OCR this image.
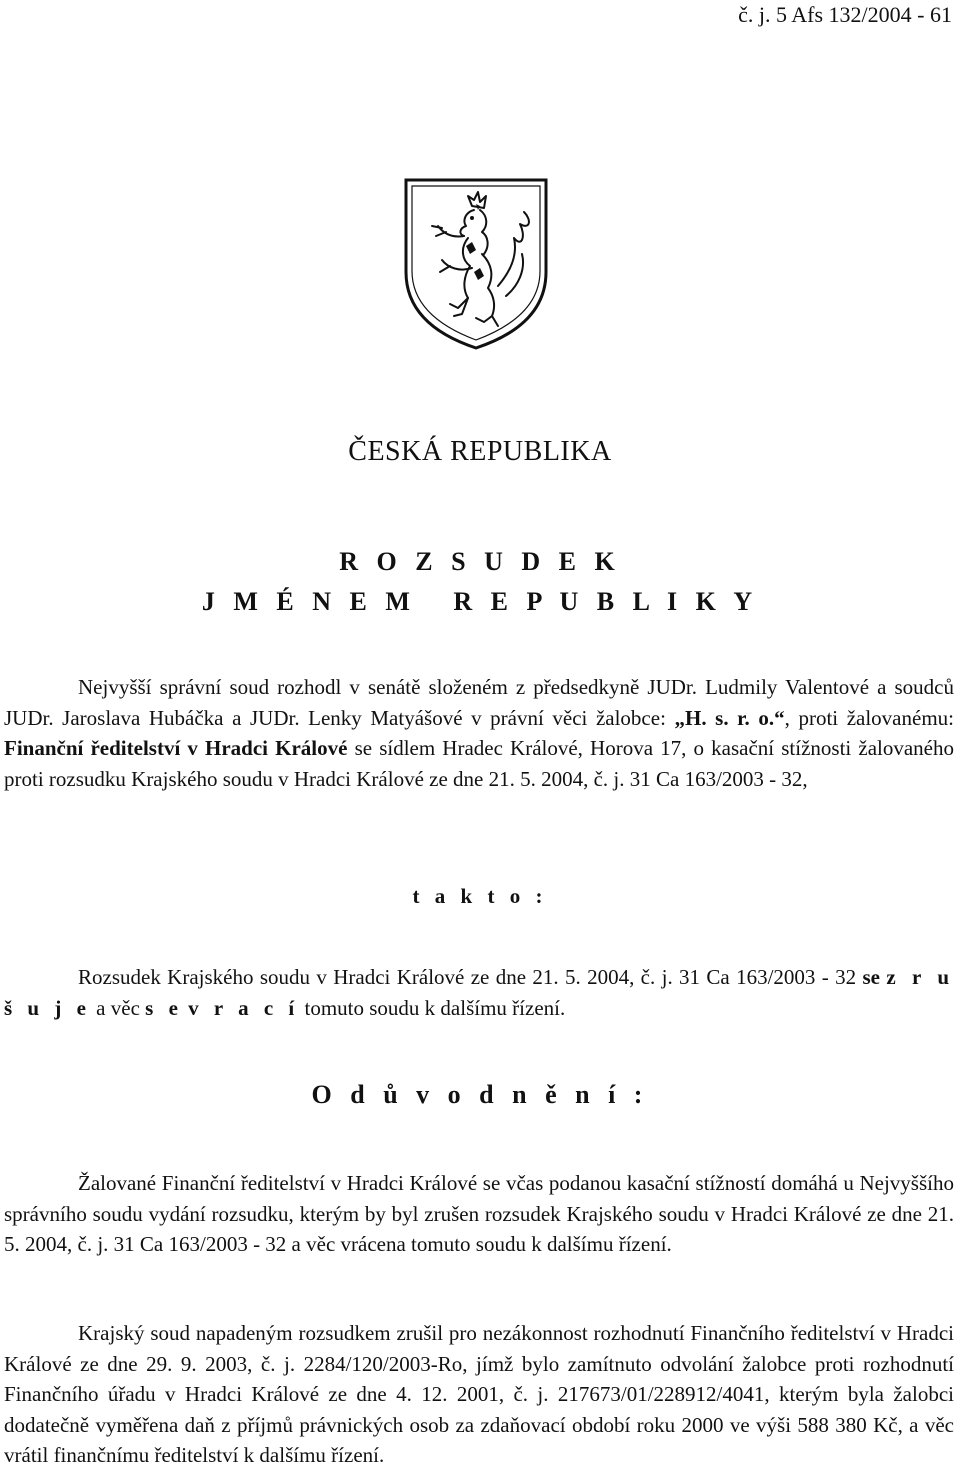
č. j. 5 Afs 132/2004 - 61
ČESKÁ REPUBLIKA
R O Z S U D E K
J M É N E M   R E P U B L I K Y
Nejvyšší správní soud rozhodl v senátě složeném z předsedkyně JUDr. Ludmily Valentové a soudců JUDr. Jaroslava Hubáčka a JUDr. Lenky Matyášové v právní věci žalobce: „H. s. r. o.“, proti žalovanému: Finanční ředitelství v Hradci Králové se sídlem Hradec Králové, Horova 17, o kasační stížnosti žalovaného proti rozsudku Krajského soudu v Hradci Králové ze dne 21. 5. 2004, č. j. 31 Ca 163/2003 - 32,
t a k t o :
Rozsudek Krajského soudu v Hradci Králové ze dne 21. 5. 2004, č. j. 31 Ca 163/2003 - 32 se z r u š u j e a věc s e v r a c í tomuto soudu k dalšímu řízení.
O d ů v o d n ě n í :
Žalované Finanční ředitelství v Hradci Králové se včas podanou kasační stížností domáhá u Nejvyššího správního soudu vydání rozsudku, kterým by byl zrušen rozsudek Krajského soudu v Hradci Králové ze dne 21. 5. 2004, č. j. 31 Ca 163/2003 - 32 a věc vrácena tomuto soudu k dalšímu řízení.
Krajský soud napadeným rozsudkem zrušil pro nezákonnost rozhodnutí Finančního ředitelství v Hradci Králové ze dne 29. 9. 2003, č. j. 2284/120/2003-Ro, jímž bylo zamítnuto odvolání žalobce proti rozhodnutí Finančního úřadu v Hradci Králové ze dne 4. 12. 2001, č. j. 217673/01/228912/4041, kterým byla žalobci dodatečně vyměřena daň z příjmů právnických osob za zdaňovací období roku 2000 ve výši 588 380 Kč, a věc vrátil finančnímu ředitelství k dalšímu řízení.
